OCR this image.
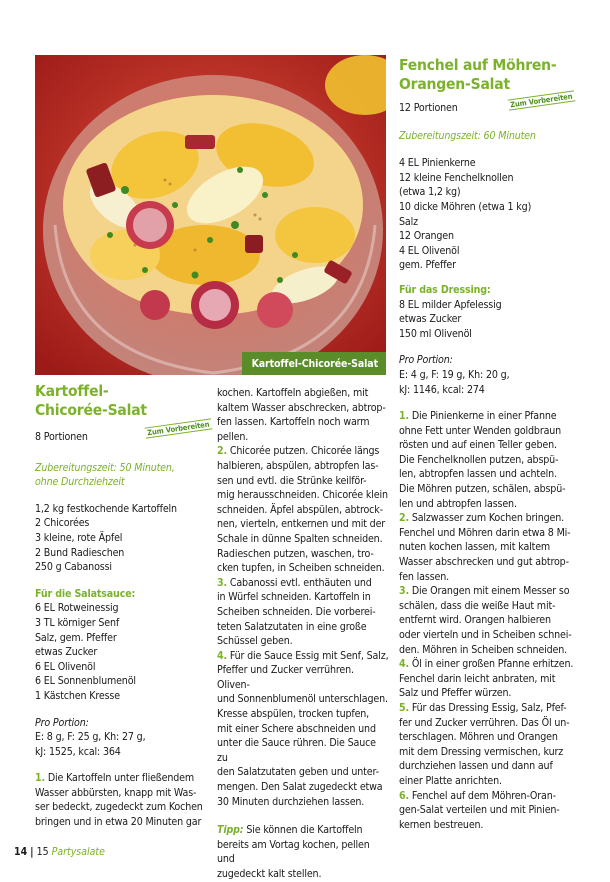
Kartoffel-Chicorée-Salat
Kartoffel-
Chicorée-Salat
Zum Vorbereiten

8 Portionen

Zubereitungszeit: 50 Minuten,

ohne Durchziehzeit

1,2 kg festkochende Kartoffeln

2 Chicorées

3 kleine, rote Äpfel

2 Bund Radieschen

250 g Cabanossi

Für die Salatsauce:

6 EL Rotweinessig

3 TL körniger Senf

Salz, gem. Pfeffer

etwas Zucker

6 EL Olivenöl

6 EL Sonnenblumenöl

1 Kästchen Kresse

Pro Portion:

E: 8 g, F: 25 g, Kh: 27 g,

kJ: 1525, kcal: 364

1. Die Kartoffeln unter fließendem

Wasser abbürsten, knapp mit Was-

ser bedeckt, zugedeckt zum Kochen

bringen und in etwa 20 Minuten gar

kochen. Kartoffeln abgießen, mit

kaltem Wasser abschrecken, abtrop-

fen lassen. Kartoffeln noch warm

pellen.

2. Chicorée putzen. Chicorée längs

halbieren, abspülen, abtropfen las-

sen und evtl. die Strünke keilför-

mig herausschneiden. Chicorée klein

schneiden. Äpfel abspülen, abtrock-

nen, vierteln, entkernen und mit der

Schale in dünne Spalten schneiden.

Radieschen putzen, waschen, tro-

cken tupfen, in Scheiben schneiden.

3. Cabanossi evtl. enthäuten und

in Würfel schneiden. Kartoffeln in

Scheiben schneiden. Die vorberei-

teten Salatzutaten in eine große

Schüssel geben.

4. Für die Sauce Essig mit Senf, Salz,

Pfeffer und Zucker verrühren. Oliven-

und Sonnenblumenöl unterschlagen.

Kresse abspülen, trocken tupfen,

mit einer Schere abschneiden und

unter die Sauce rühren. Die Sauce zu

den Salatzutaten geben und unter-

mengen. Den Salat zugedeckt etwa

30 Minuten durchziehen lassen.

Tipp: Sie können die Kartoffeln

bereits am Vortag kochen, pellen und

zugedeckt kalt stellen.

Fenchel auf Möhren-
Orangen-Salat
Zum Vorbereiten

12 Portionen

Zubereitungszeit: 60 Minuten

4 EL Pinienkerne

12 kleine Fenchelknollen

(etwa 1,2 kg)

10 dicke Möhren (etwa 1 kg)

Salz

12 Orangen

4 EL Olivenöl

gem. Pfeffer

Für das Dressing:

8 EL milder Apfelessig

etwas Zucker

150 ml Olivenöl

Pro Portion:

E: 4 g, F: 19 g, Kh: 20 g,

kJ: 1146, kcal: 274

1. Die Pinienkerne in einer Pfanne

ohne Fett unter Wenden goldbraun

rösten und auf einen Teller geben.

Die Fenchelknollen putzen, abspü-

len, abtropfen lassen und achteln.

Die Möhren putzen, schälen, abspü-

len und abtropfen lassen.

2. Salzwasser zum Kochen bringen.

Fenchel und Möhren darin etwa 8 Mi-

nuten kochen lassen, mit kaltem

Wasser abschrecken und gut abtrop-

fen lassen.

3. Die Orangen mit einem Messer so

schälen, dass die weiße Haut mit-

entfernt wird. Orangen halbieren

oder vierteln und in Scheiben schnei-

den. Möhren in Scheiben schneiden.

4. Öl in einer großen Pfanne erhitzen.

Fenchel darin leicht anbraten, mit

Salz und Pfeffer würzen.

5. Für das Dressing Essig, Salz, Pfef-

fer und Zucker verrühren. Das Öl un-

terschlagen. Möhren und Orangen

mit dem Dressing vermischen, kurz

durchziehen lassen und dann auf

einer Platte anrichten.

6. Fenchel auf dem Möhren-Oran-

gen-Salat verteilen und mit Pinien-

kernen bestreuen.

14 | 15 Partysalate
